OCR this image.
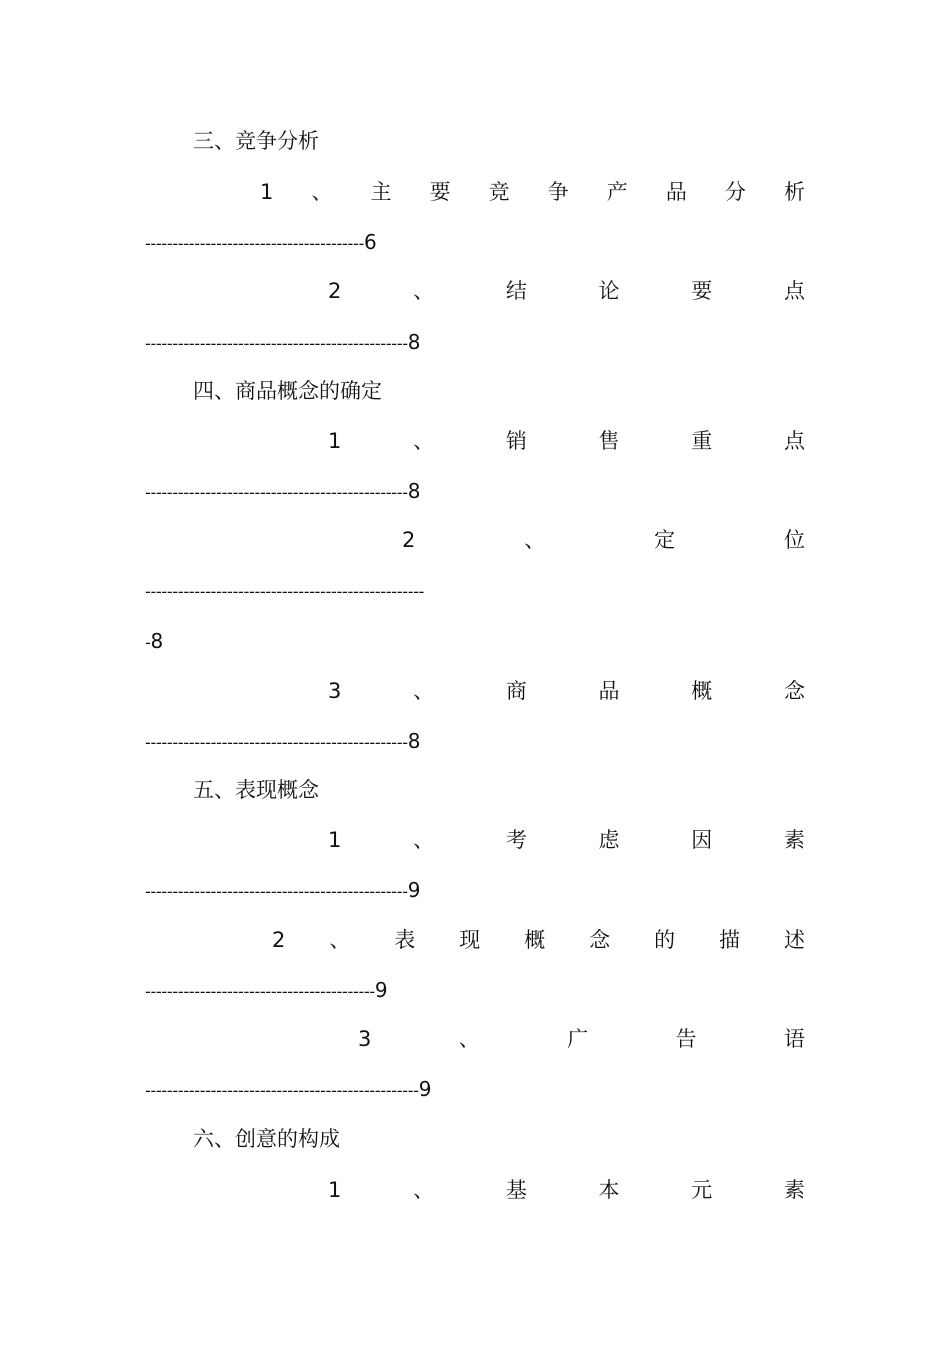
三、竞争分析
1 、 主 要 竞 争 产 品 分 析
----------------------------------------6
2	、	结	论	要	点
------------------------------------------------8
四、商品概念的确定
1	、	销	售	重	点
------------------------------------------------8
2	、	定	位
---------------------------------------------------
-8
3	、	商	品	概	念
------------------------------------------------8
五、表现概念
1	、	考	虑	因	素
------------------------------------------------9
2 、 表 现 概 念 的 描 述
------------------------------------------9
3	、	广	告	语
--------------------------------------------------9
六、创意的构成
1	、	基	本	元	素
